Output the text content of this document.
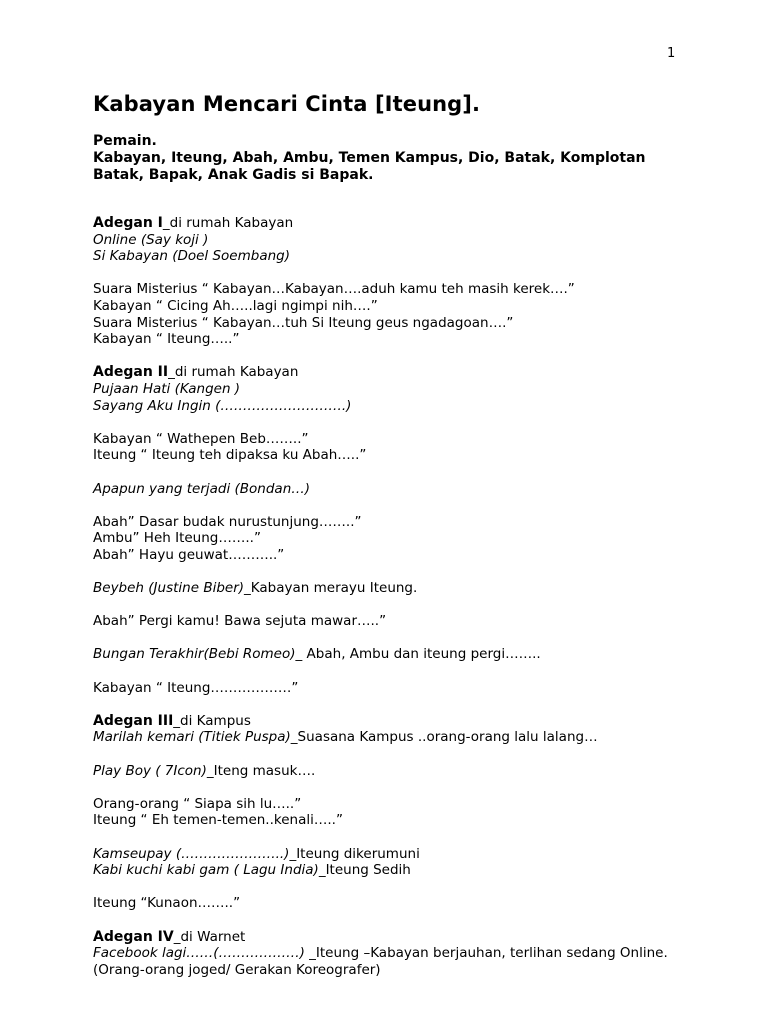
1
Kabayan Mencari Cinta [Iteung].

Pemain.

Kabayan, Iteung, Abah, Ambu, Temen Kampus, Dio, Batak, Komplotan Batak, Bapak, Anak Gadis si Bapak.

Adegan I_di rumah Kabayan

Online (Say koji )

Si Kabayan (Doel Soembang)

Suara Misterius “ Kabayan…Kabayan….aduh kamu teh masih kerek….”

Kabayan “ Cicing Ah…..lagi ngimpi nih….”

Suara Misterius “ Kabayan…tuh Si Iteung geus ngadagoan….”

Kabayan “ Iteung…..”

Adegan II_di rumah Kabayan

Pujaan Hati (Kangen )

Sayang Aku Ingin (……………………….)

Kabayan “ Wathepen Beb……..”

Iteung “ Iteung teh dipaksa ku Abah…..”

Apapun yang terjadi (Bondan…)

Abah” Dasar budak nurustunjung……..”

Ambu” Heh Iteung……..”

Abah” Hayu geuwat………..”

Beybeh (Justine Biber)_Kabayan merayu Iteung.

Abah” Pergi kamu! Bawa sejuta mawar…..”

Bungan Terakhir(Bebi Romeo)_ Abah, Ambu dan iteung pergi……..

Kabayan “ Iteung………………”

Adegan III_di Kampus

Marilah kemari (Titiek Puspa)_Suasana Kampus ..orang-orang lalu lalang…

Play Boy ( 7Icon)_Iteng masuk….

Orang-orang “ Siapa sih lu…..”

Iteung “ Eh temen-temen..kenali…..”

Kamseupay (…………………..)_Iteung dikerumuni

Kabi kuchi kabi gam ( Lagu India)_Iteung Sedih

Iteung “Kunaon……..”

Adegan IV_di Warnet

Facebook lagi……(………………) _Iteung –Kabayan berjauhan, terlihan sedang Online. (Orang-orang joged/ Gerakan Koreografer)
